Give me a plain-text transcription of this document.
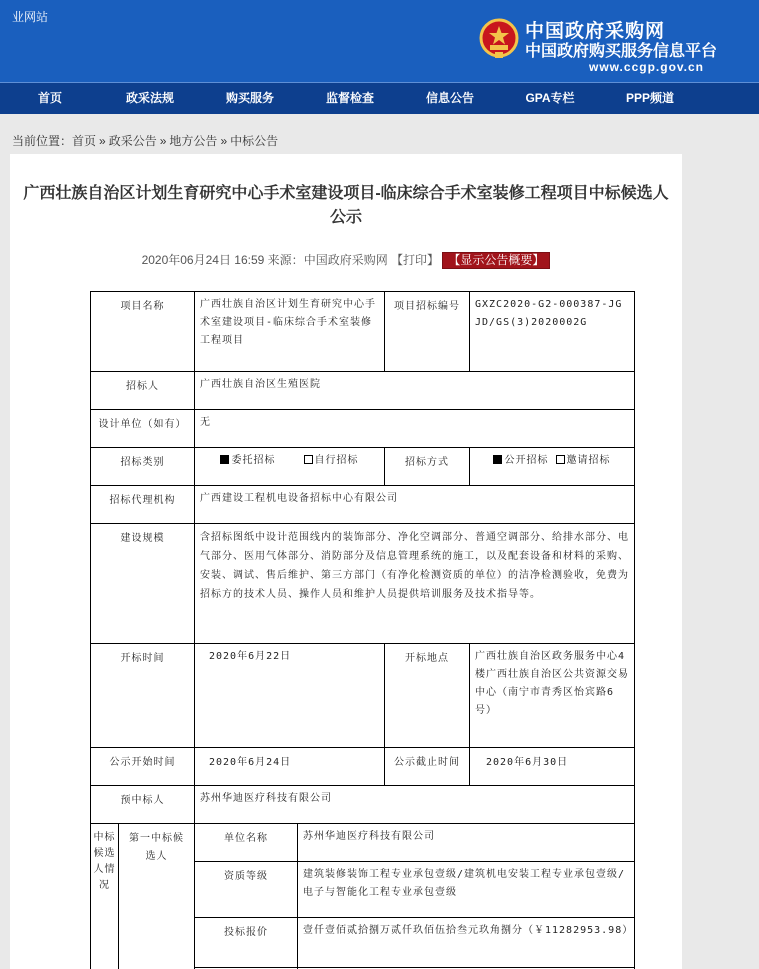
业网站
中国政府采购网
中国政府购买服务信息平台
www.ccgp.gov.cn
首页	政采法规	购买服务	监督检查	信息公告	GPA专栏	PPP频道
当前位置：首页 » 政采公告 » 地方公告 » 中标公告
广西壮族自治区计划生育研究中心手术室建设项目-临床综合手术室装修工程项目中标候选人公示
2020年06月24日 16:59 来源：中国政府采购网 【打印】 【显示公告概要】
项目名称		广西壮族自治区计划生育研究中心手术室建设项目-临床综合手术室装修工程项目		项目招标编号	GXZC2020-G2-000387-JGJD/GS(3)2020002G
招标人		广西壮族自治区生殖医院			
设计单位（如有）		无			
招标类别		委托招标 自行招标		招标方式	公开招标 邀请招标
招标代理机构		广西建设工程机电设备招标中心有限公司			
建设规模		含招标图纸中设计范围线内的装饰部分、净化空调部分、普通空调部分、给排水部分、电气部分、医用气体部分、消防部分及信息管理系统的施工，以及配套设备和材料的采购、安装、调试、售后维护、第三方部门（有净化检测资质的单位）的洁净检测验收，免费为招标方的技术人员、操作人员和维护人员提供培训服务及技术指导等。			
开标时间		2020年6月22日		开标地点	广西壮族自治区政务服务中心4楼广西壮族自治区公共资源交易中心（南宁市青秀区怡宾路6号）
公示开始时间		2020年6月24日		公示截止时间	2020年6月30日
预中标人		苏州华迪医疗科技有限公司			
中标候选人情况	第一中标候选人	单位名称	苏州华迪医疗科技有限公司		
		资质等级	建筑装修装饰工程专业承包壹级/建筑机电安装工程专业承包壹级/电子与智能化工程专业承包壹级		
		投标报价	壹仟壹佰贰拾捌万贰仟玖佰伍拾叁元玖角捌分（￥11282953.98）		
